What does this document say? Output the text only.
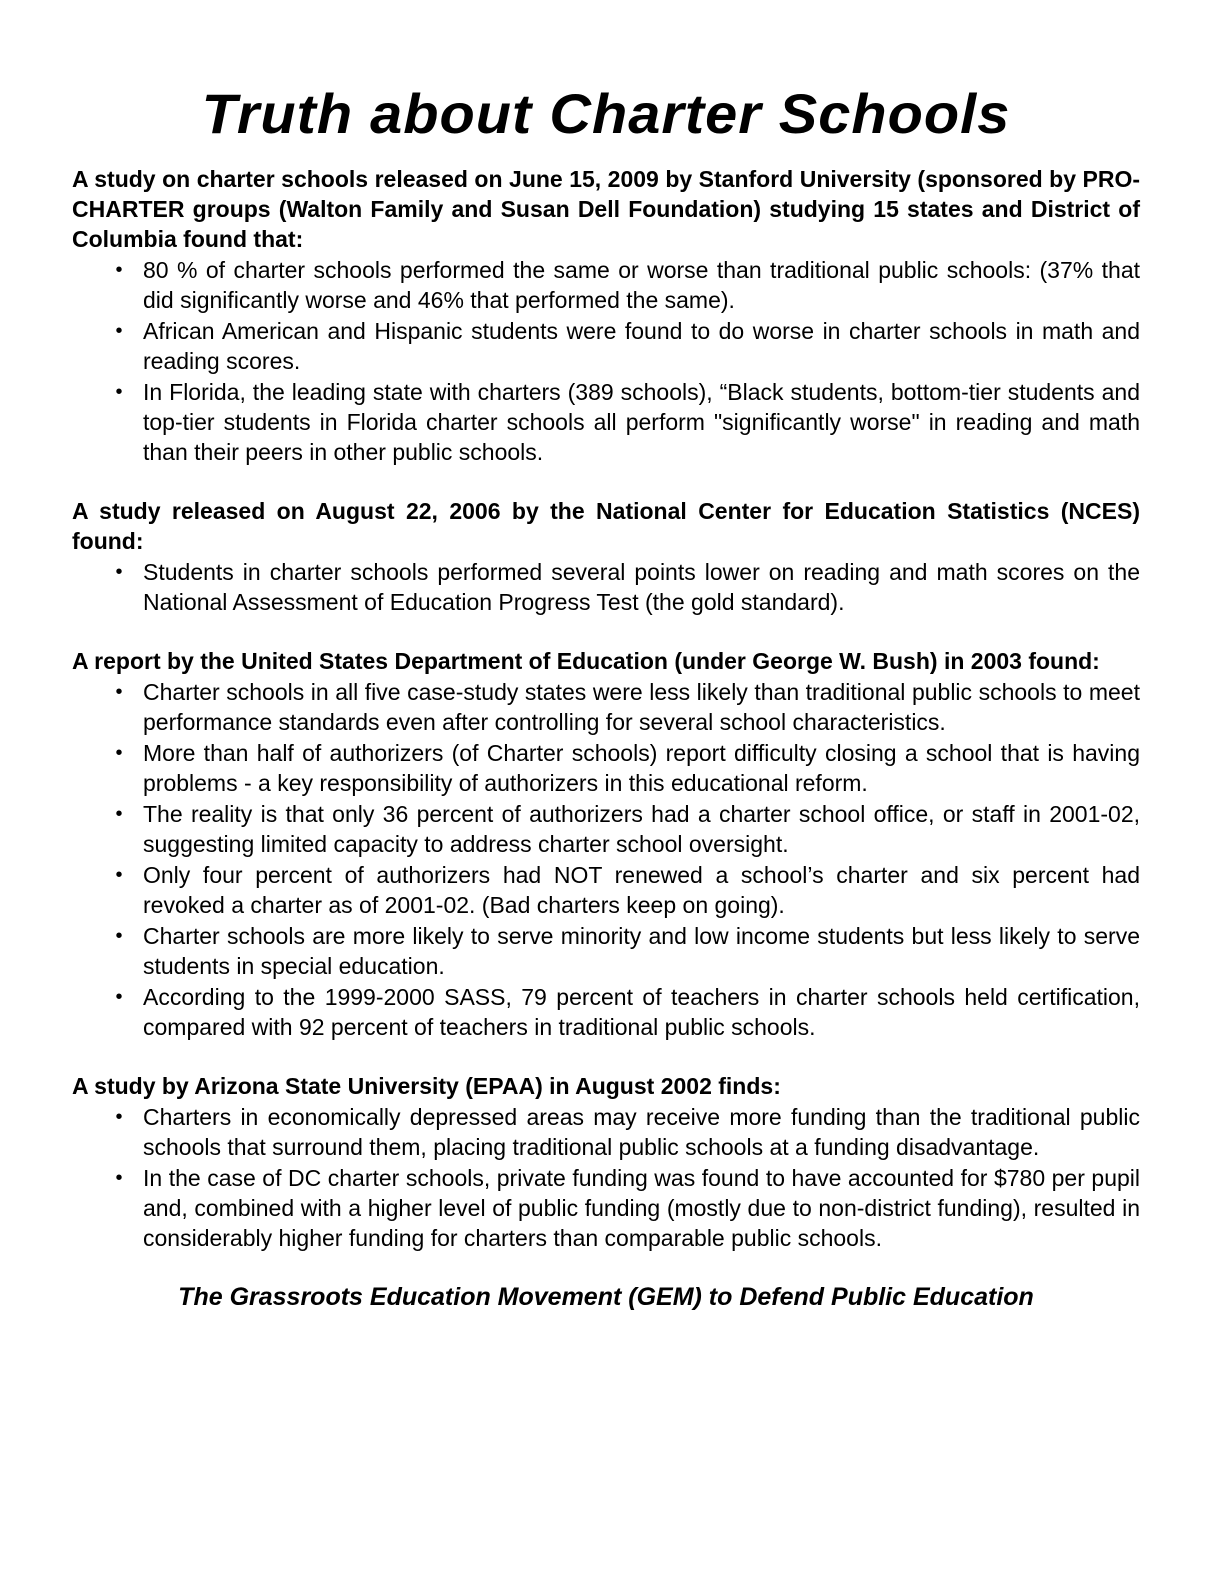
Truth about Charter Schools

A study on charter schools released on June 15, 2009 by Stanford University (sponsored by PRO-CHARTER groups (Walton Family and Susan Dell Foundation) studying 15 states and District of Columbia found that:

• 80 % of charter schools performed the same or worse than traditional public schools: (37% that did significantly worse and 46% that performed the same).
• African American and Hispanic students were found to do worse in charter schools in math and reading scores.
• In Florida, the leading state with charters (389 schools), “Black students, bottom-tier students and top-tier students in Florida charter schools all perform "significantly worse" in reading and math than their peers in other public schools.

A study released on August 22, 2006 by the National Center for Education Statistics (NCES) found:

• Students in charter schools performed several points lower on reading and math scores on the National Assessment of Education Progress Test (the gold standard).

A report by the United States Department of Education (under George W. Bush) in 2003 found:

• Charter schools in all five case-study states were less likely than traditional public schools to meet performance standards even after controlling for several school characteristics.
• More than half of authorizers (of Charter schools) report difficulty closing a school that is having problems - a key responsibility of authorizers in this educational reform.
• The reality is that only 36 percent of authorizers had a charter school office, or staff in 2001-02, suggesting limited capacity to address charter school oversight.
• Only four percent of authorizers had NOT renewed a school’s charter and six percent had revoked a charter as of 2001-02. (Bad charters keep on going).
• Charter schools are more likely to serve minority and low income students but less likely to serve students in special education.
• According to the 1999-2000 SASS, 79 percent of teachers in charter schools held certification, compared with 92 percent of teachers in traditional public schools.

A study by Arizona State University (EPAA) in August 2002 finds:

• Charters in economically depressed areas may receive more funding than the traditional public schools that surround them, placing traditional public schools at a funding disadvantage.
• In the case of DC charter schools, private funding was found to have accounted for $780 per pupil and, combined with a higher level of public funding (mostly due to non-district funding), resulted in considerably higher funding for charters than comparable public schools.
The Grassroots Education Movement (GEM) to Defend Public Education
